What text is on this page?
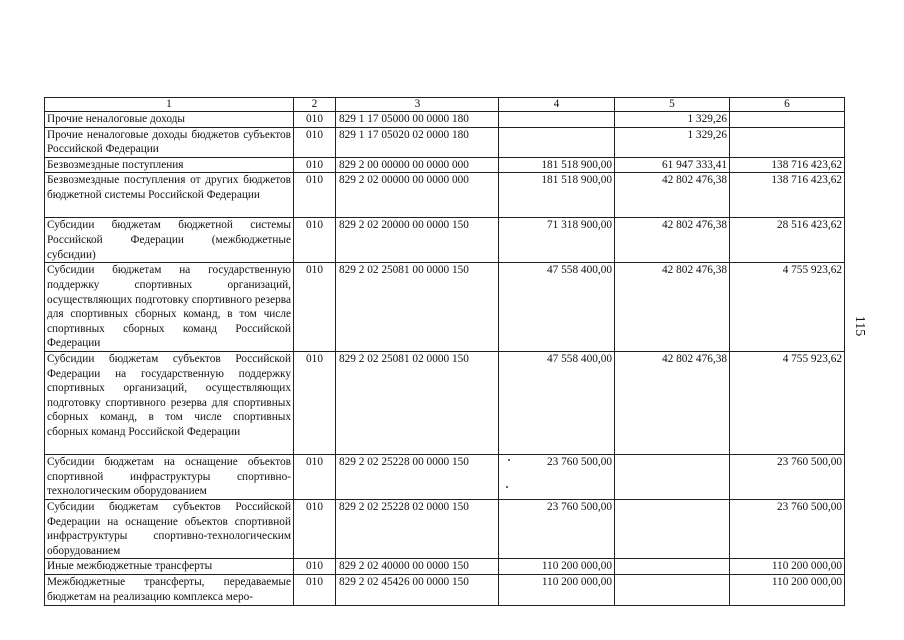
1	2	3	4	5	6
Прочие неналоговые доходы	010	829 1 17 05000 00 0000 180		1 329,26	
Прочие неналоговые доходы бюджетов субъектов Российской Федерации	010	829 1 17 05020 02 0000 180		1 329,26	
Безвозмездные поступления	010	829 2 00 00000 00 0000 000	181 518 900,00	61 947 333,41	138 716 423,62
Безвозмездные поступления от других бюджетов бюджетной системы Российской Федерации	010	829 2 02 00000 00 0000 000	181 518 900,00	42 802 476,38	138 716 423,62
Субсидии бюджетам бюджетной системы Российской Федерации (межбюджетные субсидии)	010	829 2 02 20000 00 0000 150	71 318 900,00	42 802 476,38	28 516 423,62
Субсидии бюджетам на государственную поддержку спортивных организаций, осуществляющих подготовку спортивного резерва для спортивных сборных команд, в том числе спортивных сборных команд Российской Федерации	010	829 2 02 25081 00 0000 150	47 558 400,00	42 802 476,38	4 755 923,62
Субсидии бюджетам субъектов Российской Федерации на государственную поддержку спортивных организаций, осуществляющих подготовку спортивного резерва для спортивных сборных команд, в том числе спортивных сборных команд Российской Федерации	010	829 2 02 25081 02 0000 150	47 558 400,00	42 802 476,38	4 755 923,62
Субсидии бюджетам на оснащение объектов спортивной инфраструктуры спортивно-технологическим оборудованием	010	829 2 02 25228 00 0000 150	23 760 500,00		23 760 500,00
Субсидии бюджетам субъектов Российской Федерации на оснащение объектов спортивной инфраструктуры спортивно-технологическим оборудованием	010	829 2 02 25228 02 0000 150	23 760 500,00		23 760 500,00
Иные межбюджетные трансферты	010	829 2 02 40000 00 0000 150	110 200 000,00		110 200 000,00
Межбюджетные трансферты, передаваемые бюджетам на реализацию комплекса меро-	010	829 2 02 45426 00 0000 150	110 200 000,00		110 200 000,00
115
